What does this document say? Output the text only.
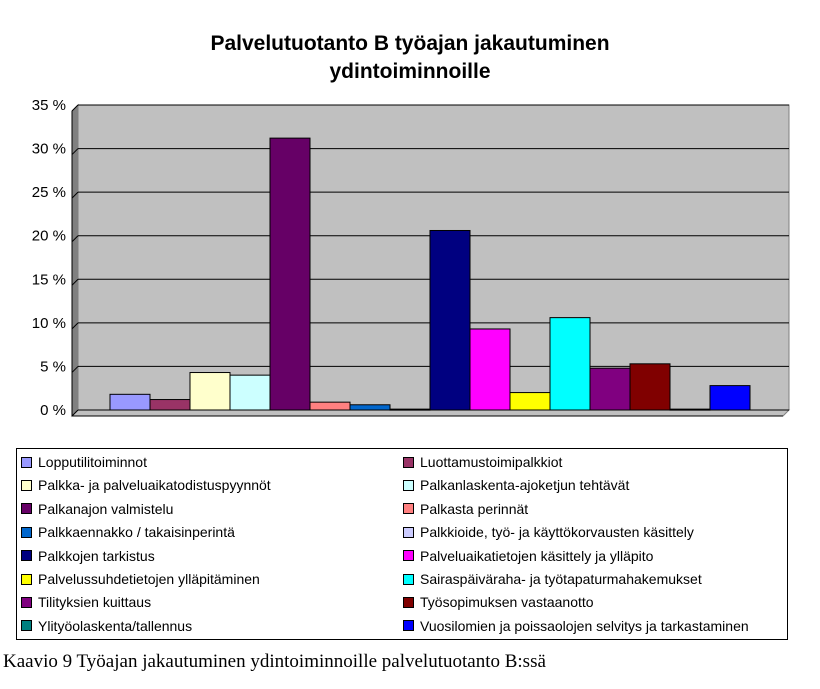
Palvelutuotanto B työajan jakautuminen
ydintoiminnoille
0 %
5 %
10 %
15 %
20 %
25 %
30 %
35 %
Lopputilitoiminnot	Luottamustoimipalkkiot
Palkka- ja palveluaikatodistuspyynnöt	Palkanlaskenta-ajoketjun tehtävät
Palkanajon valmistelu	Palkasta perinnät
Palkkaennakko / takaisinperintä	Palkkioide, työ- ja käyttökorvausten käsittely
Palkkojen tarkistus	Palveluaikatietojen käsittely ja ylläpito
Palvelussuhdetietojen ylläpitäminen	Sairaspäiväraha- ja työtapaturmahakemukset
Tilityksien kuittaus	Työsopimuksen vastaanotto
Ylityöolaskenta/tallennus	Vuosilomien ja poissaolojen selvitys ja tarkastaminen
Kaavio 9 Työajan jakautuminen ydintoiminnoille palvelutuotanto B:ssä
